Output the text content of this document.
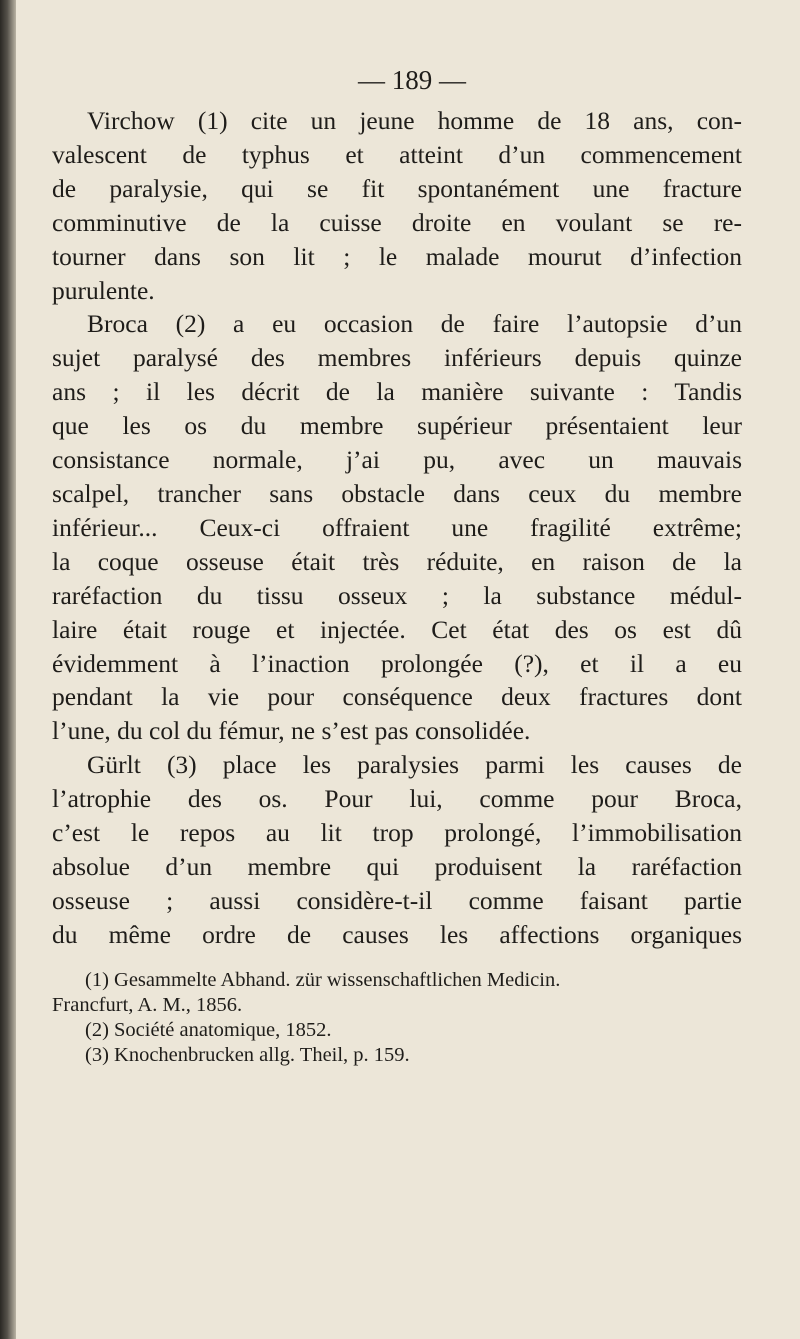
— 189 —

Virchow (1) cite un jeune homme de 18 ans, con-
valescent de typhus et atteint d’un commencement
de paralysie, qui se fit spontanément une fracture
comminutive de la cuisse droite en voulant se re-
tourner dans son lit ; le malade mourut d’infection
purulente.

Broca (2) a eu occasion de faire l’autopsie d’un
sujet paralysé des membres inférieurs depuis quinze
ans ; il les décrit de la manière suivante : Tandis
que les os du membre supérieur présentaient leur
consistance normale, j’ai pu, avec un mauvais
scalpel, trancher sans obstacle dans ceux du membre
inférieur... Ceux-ci offraient une fragilité extrême;
la coque osseuse était très réduite, en raison de la
raréfaction du tissu osseux ; la substance médul-
laire était rouge et injectée. Cet état des os est dû
évidemment à l’inaction prolongée (?), et il a eu
pendant la vie pour conséquence deux fractures dont
l’une, du col du fémur, ne s’est pas consolidée.

Gürlt (3) place les paralysies parmi les causes de
l’atrophie des os. Pour lui, comme pour Broca,
c’est le repos au lit trop prolongé, l’immobilisation
absolue d’un membre qui produisent la raréfaction
osseuse ; aussi considère-t-il comme faisant partie
du même ordre de causes les affections organiques

(1) Gesammelte Abhand. zür wissenschaftlichen Medicin.
Francfurt, A. M., 1856.
(2) Société anatomique, 1852.
(3) Knochenbrucken allg. Theil, p. 159.
